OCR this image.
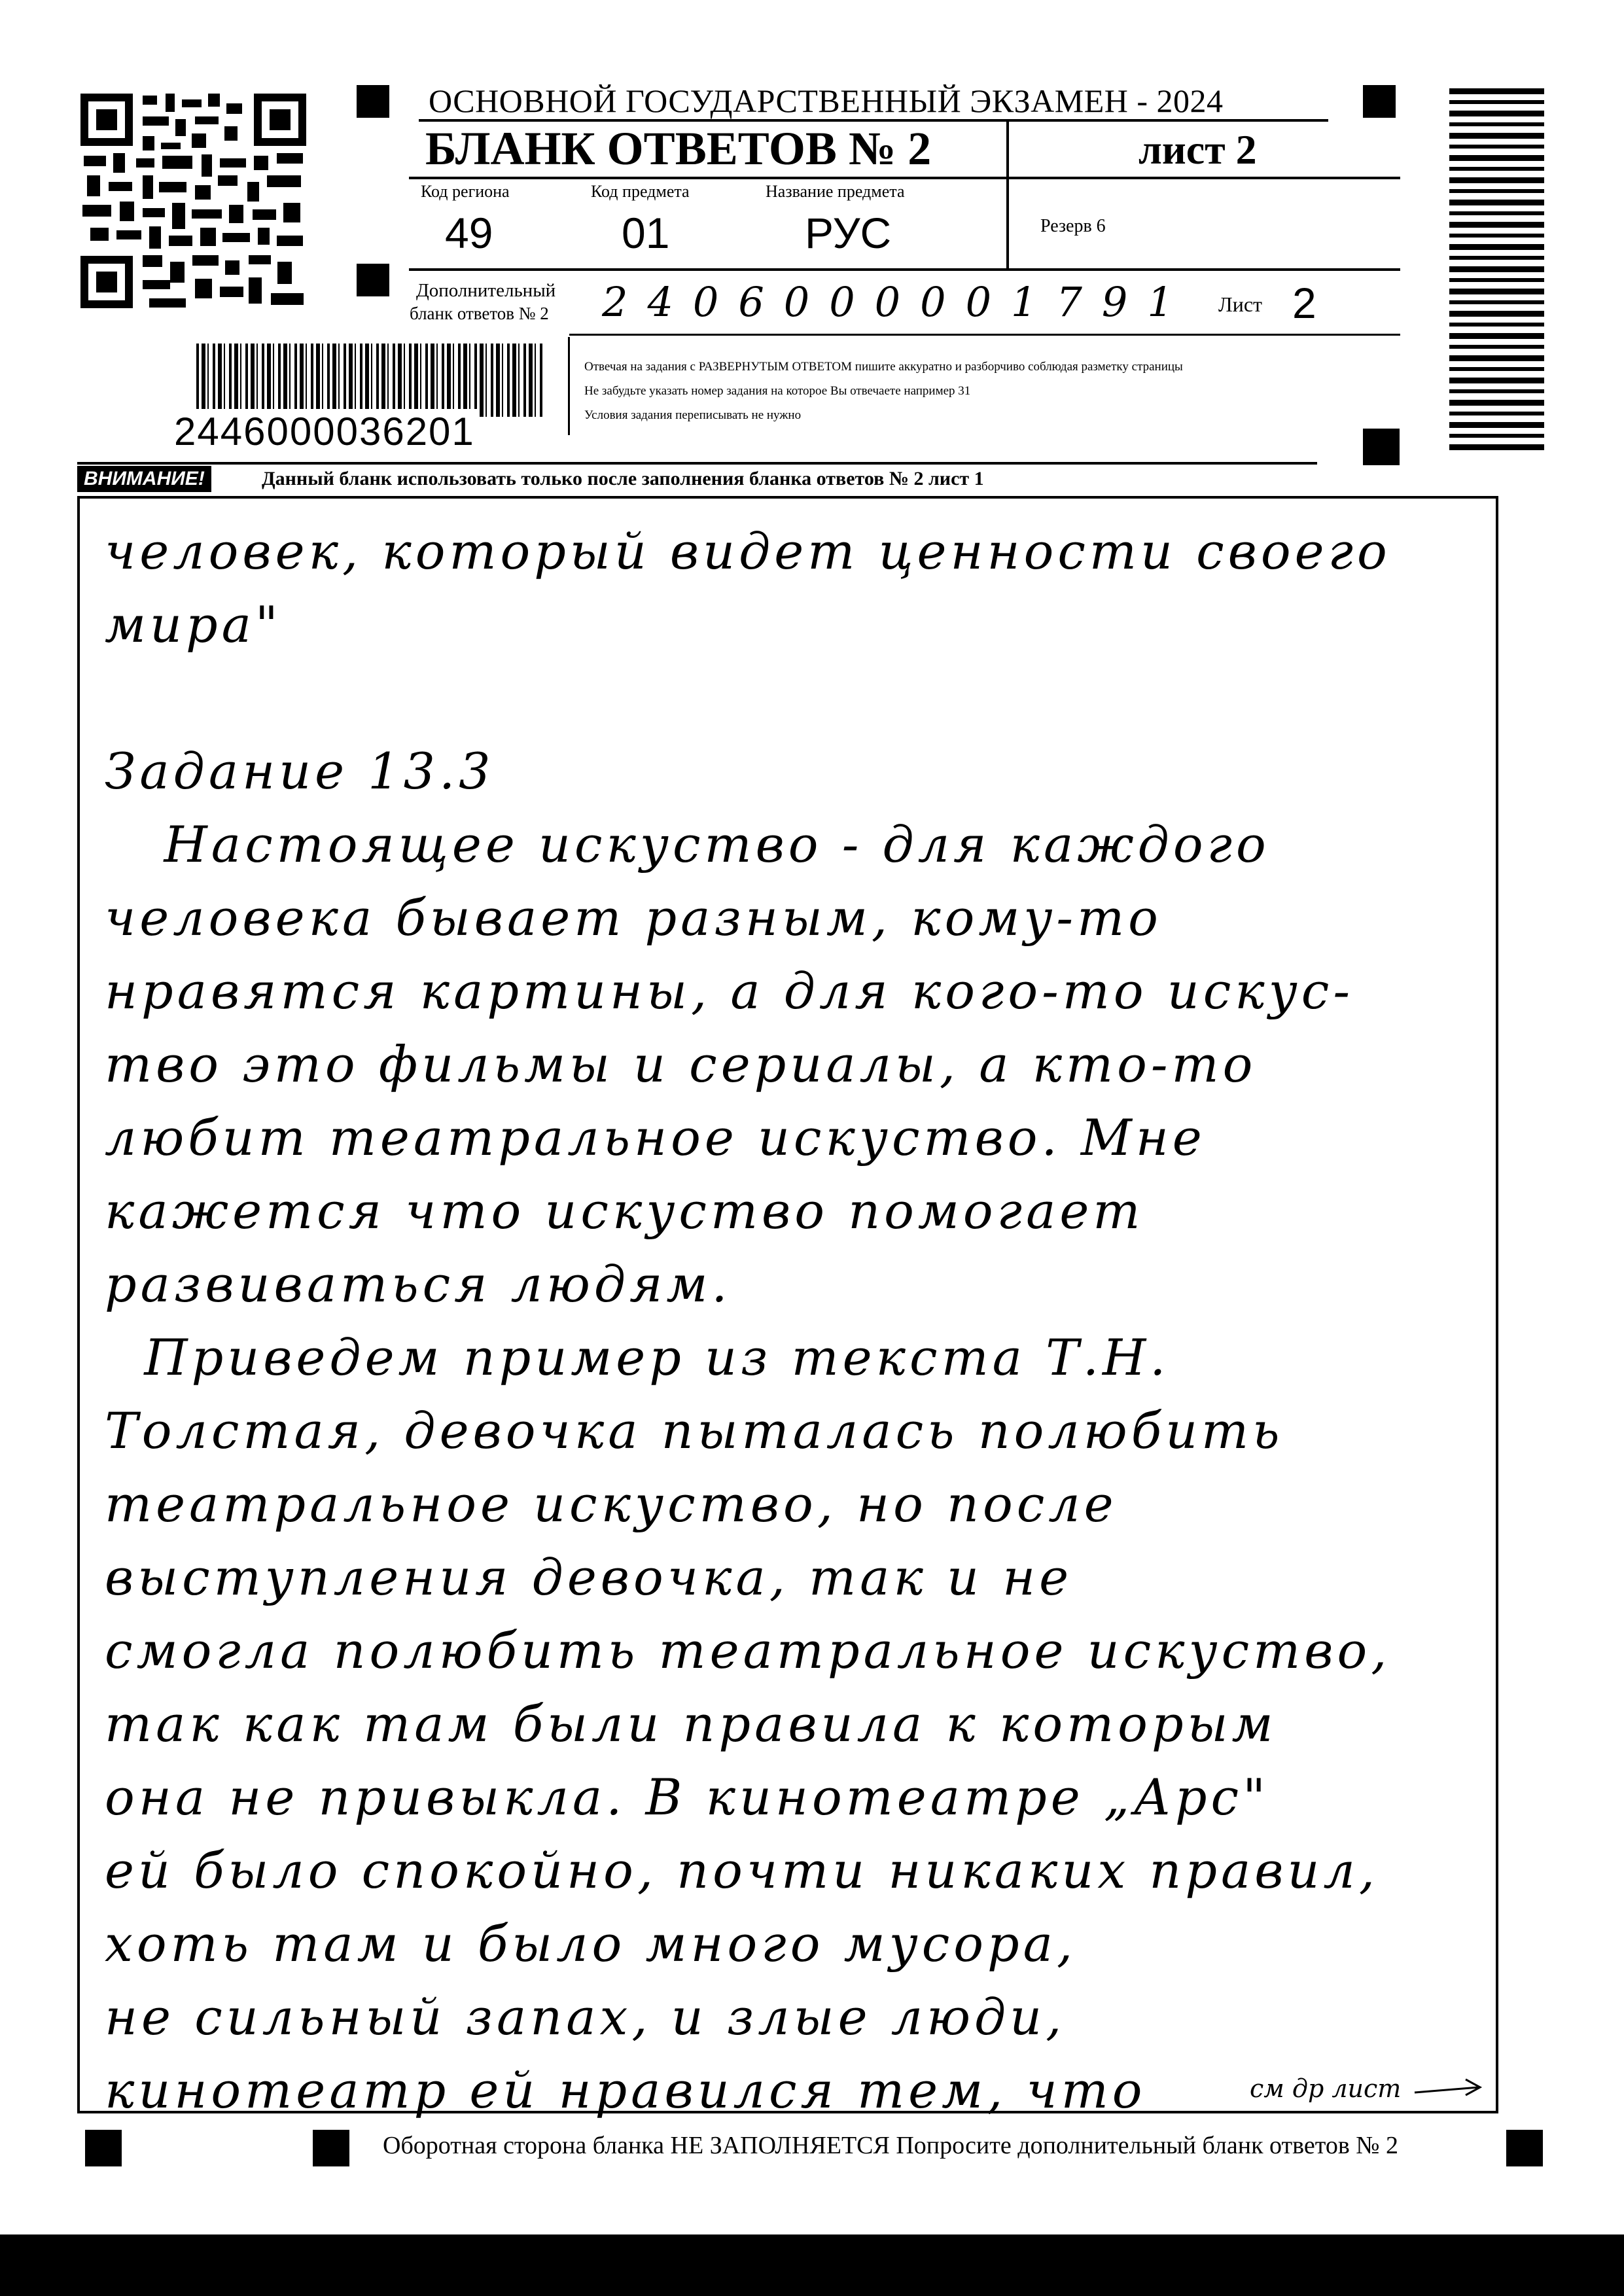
ОСНОВНОЙ ГОСУДАРСТВЕННЫЙ ЭКЗАМЕН - 2024
БЛАНК ОТВЕТОВ № 2	лист 2
Код региона	Код предмета	Название предмета
49	01	РУС	Резерв 6
Дополнительный
бланк ответов № 2 2406000001791 Лист 2
2446000036201
Отвечая на задания с РАЗВЕРНУТЫМ ОТВЕТОМ пишите аккуратно и разборчиво соблюдая разметку страницы
Не забудьте указать номер задания на которое Вы отвечаете например 31
Условия задания переписывать не нужно
ВНИМАНИЕ!	Данный бланк использовать только после заполнения бланка ответов № 2 лист 1
человек, который видет ценности своего
мира"
Задание 13.3
Настоящее искуство - для каждого
человека бывает разным, кому-то
нравятся картины, а для кого-то искус-
тво это фильмы и сериалы, а кто-то
любит театральное искуство. Мне
кажется что искуство помогает
развиваться людям.
Приведем пример из текста Т.Н.
Толстая, девочка пыталась полюбить
театральное искуство, но после
выступления девочка, так и не
смогла полюбить театральное искуство,
так как там были правила к которым
она не привыкла. В кинотеатре „Арс"
ей было спокойно, почти никаких правил,
хоть там и было много мусора,
не сильный запах, и злые люди,
кинотеатр ей нравился тем, что	см др лист
Оборотная сторона бланка НЕ ЗАПОЛНЯЕТСЯ Попросите дополнительный бланк ответов № 2
